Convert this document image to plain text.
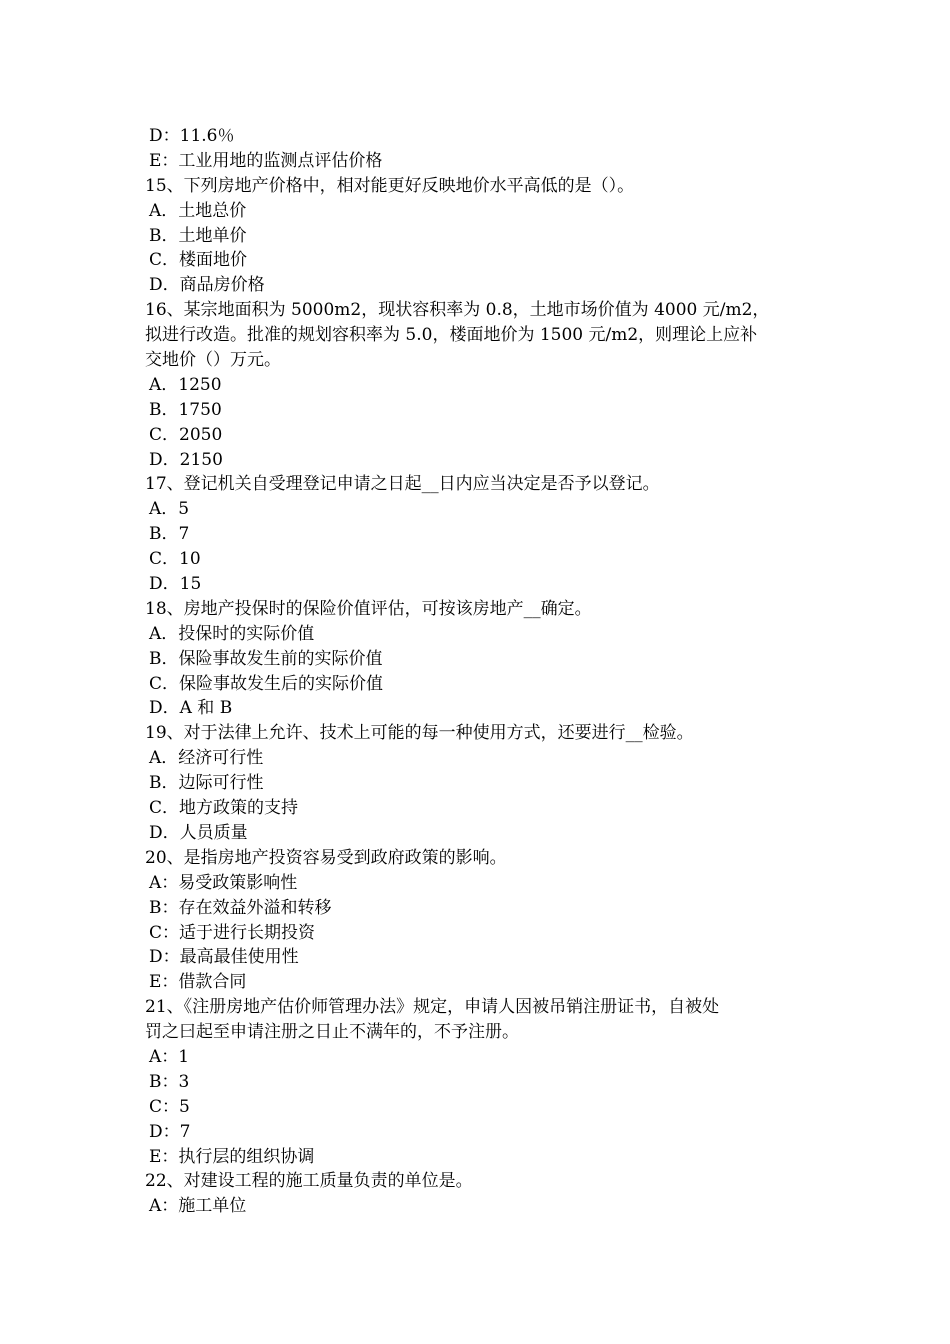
D：11.6％
E：工业用地的监测点评估价格
15、下列房地产价格中，相对能更好反映地价水平高低的是（）。
A．土地总价
B．土地单价
C．楼面地价
D．商品房价格
16、某宗地面积为 5000m2，现状容积率为 0.8，土地市场价值为 4000 元/m2，
拟进行改造。批准的规划容积率为 5.0，楼面地价为 1500 元/m2，则理论上应补
交地价（）万元。
A．1250
B．1750
C．2050
D．2150
17、登记机关自受理登记申请之日起__日内应当决定是否予以登记。
A．5
B．7
C．10
D．15
18、房地产投保时的保险价值评估，可按该房地产__确定。
A．投保时的实际价值
B．保险事故发生前的实际价值
C．保险事故发生后的实际价值
D．A 和 B
19、对于法律上允许、技术上可能的每一种使用方式，还要进行__检验。
A．经济可行性
B．边际可行性
C．地方政策的支持
D．人员质量
20、是指房地产投资容易受到政府政策的影响。
A：易受政策影响性
B：存在效益外溢和转移
C：适于进行长期投资
D：最高最佳使用性
E：借款合同
21、《注册房地产估价师管理办法》规定，申请人因被吊销注册证书，自被处
罚之曰起至申请注册之日止不满年的，不予注册。
A：1
B：3
C：5
D：7
E：执行层的组织协调
22、对建设工程的施工质量负责的单位是。
A：施工单位
